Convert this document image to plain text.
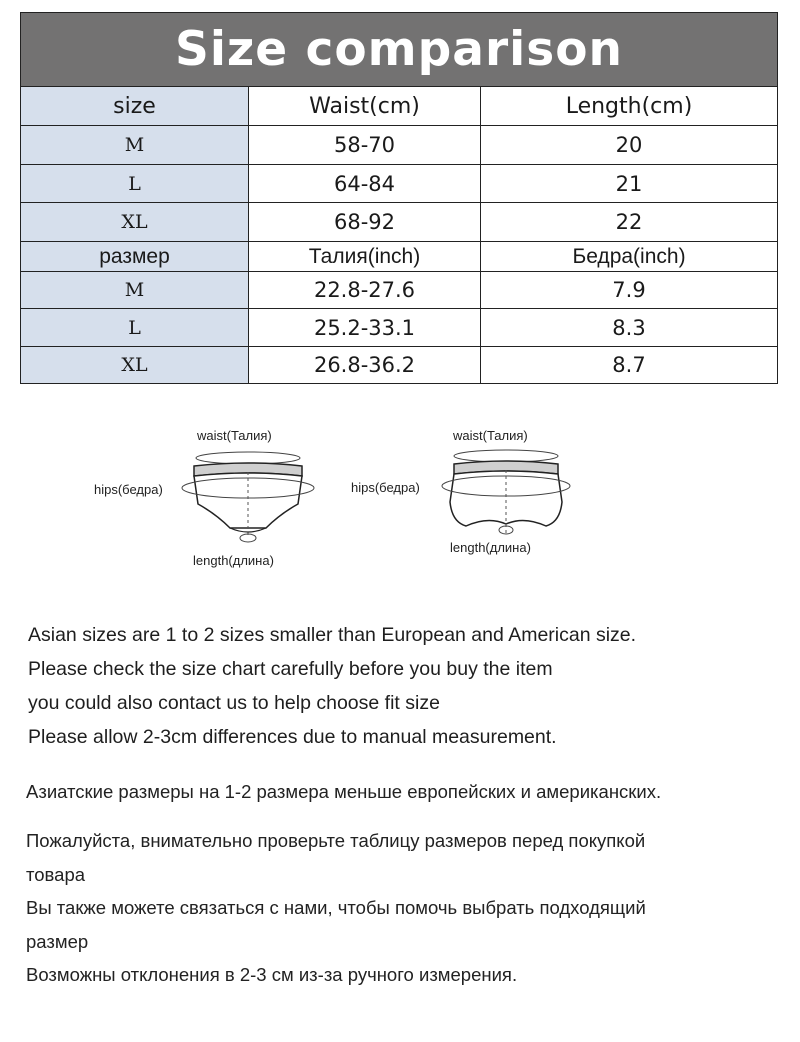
Size comparison
size	Waist(cm)	Length(cm)
M	58-70	20
L	64-84	21
XL	68-92	22
размер	Талия(inch)	Бедра(inch)
M	22.8-27.6	7.9
L	25.2-33.1	8.3
XL	26.8-36.2	8.7
waist(Талия)
hips(бедра)
length(длина)
waist(Талия)
hips(бедра)
length(длина)
Asian sizes are 1 to 2 sizes smaller than European and American size.
Please check the size chart carefully before you buy the item
you could also contact us to help choose fit size
Please allow 2-3cm differences due to manual measurement.
Азиатские размеры на 1-2 размера меньше европейских и американских.
Пожалуйста, внимательно проверьте таблицу размеров перед покупкой
товара
Вы также можете связаться с нами, чтобы помочь выбрать подходящий
размер
Возможны отклонения в 2-3 см из-за ручного измерения.
